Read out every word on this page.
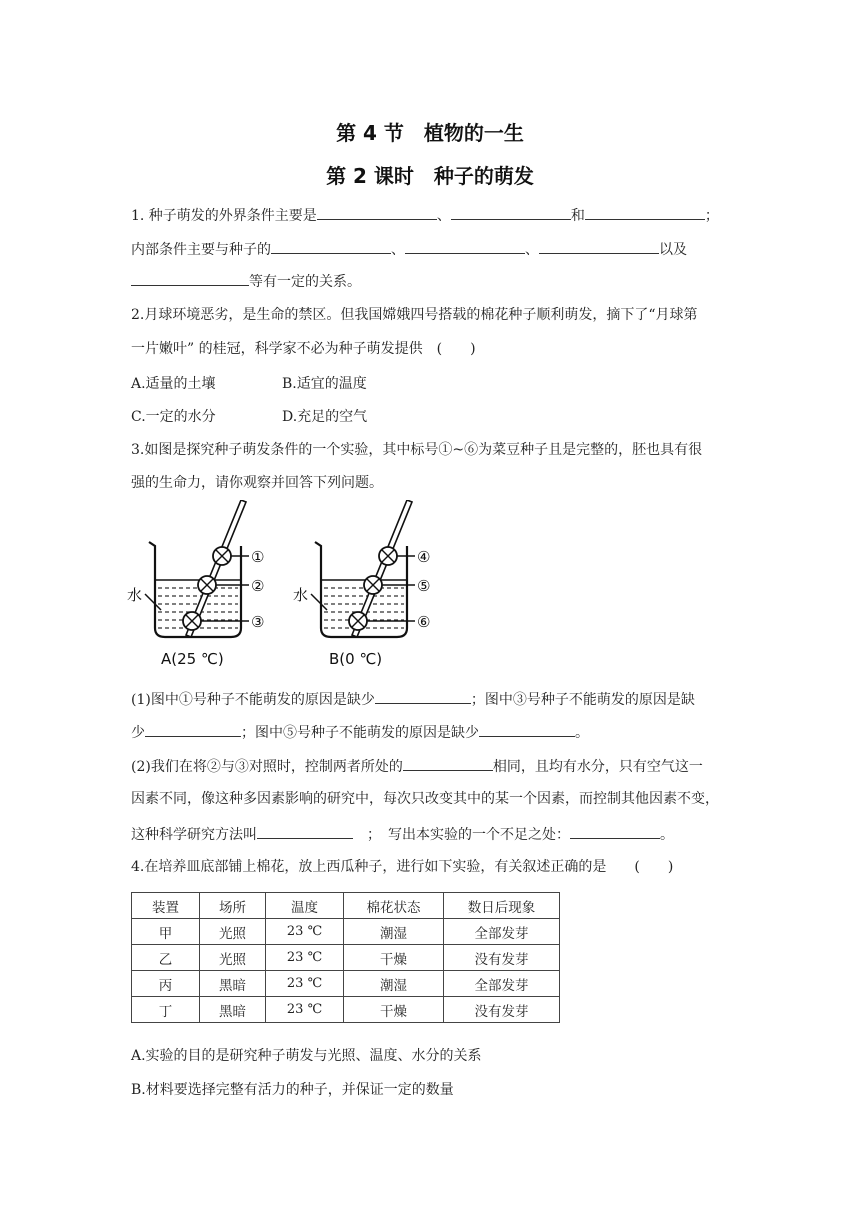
第 4 节　植物的一生
第 2 课时　种子的萌发
1. 种子萌发的外界条件主要是	、	和	；
内部条件主要与种子的	、	、	以及
等有一定的关系。
2.月球环境恶劣，是生命的禁区。但我国嫦娥四号搭载的棉花种子顺利萌发，摘下了“月球第
一片嫩叶” 的桂冠，科学家不必为种子萌发提供　(　　)
A.适量的土壤	B.适宜的温度
C.一定的水分	D.充足的空气
3.如图是探究种子萌发条件的一个实验，其中标号①~⑥为菜豆种子且是完整的，胚也具有很
强的生命力，请你观察并回答下列问题。
①
②
③
④
⑤
⑥
水	水
A(25 ℃)	B(0 ℃)
(1)图中①号种子不能萌发的原因是缺少	；图中③号种子不能萌发的原因是缺
少	；图中⑤号种子不能萌发的原因是缺少	。
(2)我们在将②与③对照时，控制两者所处的	相同，且均有水分，只有空气这一
因素不同，像这种多因素影响的研究中，每次只改变其中的某一个因素，而控制其他因素不变，
这种科学研究方法叫	　；　写出本实验的一个不足之处：	。
4.在培养皿底部铺上棉花，放上西瓜种子，进行如下实验，有关叙述正确的是　　(　　)
装置	场所	温度	棉花状态	数日后现象
甲	光照	23 ℃	潮湿	全部发芽
乙	光照	23 ℃	干燥	没有发芽
丙	黑暗	23 ℃	潮湿	全部发芽
丁	黑暗	23 ℃	干燥	没有发芽
A.实验的目的是研究种子萌发与光照、温度、水分的关系
B.材料要选择完整有活力的种子，并保证一定的数量
